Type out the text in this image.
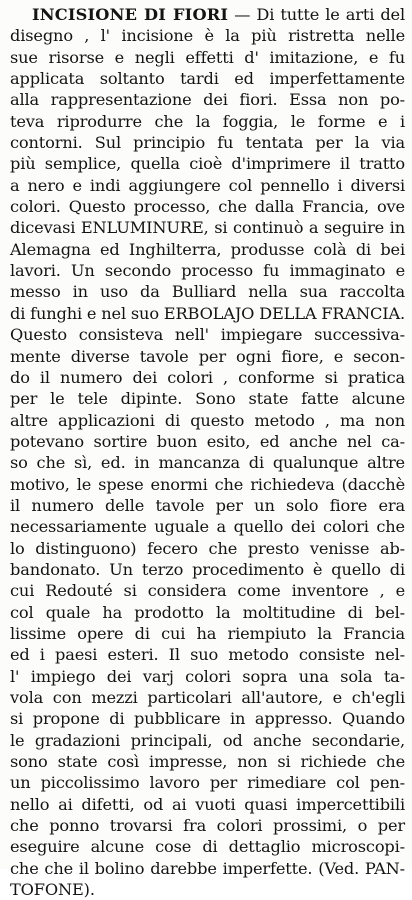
INCISIONE DI FIORI — Di tutte le arti del
disegno , l' incisione è la più ristretta nelle
sue risorse e negli effetti d' imitazione, e fu
applicata soltanto tardi ed imperfettamente
alla rappresentazione dei fiori. Essa non po-
teva riprodurre che la foggia, le forme e i
contorni. Sul principio fu tentata per la via
più semplice, quella cioè d'imprimere il tratto
a nero e indi aggiungere col pennello i diversi
colori. Questo processo, che dalla Francia, ove
dicevasi ENLUMINURE, si continuò a seguire in
Alemagna ed Inghilterra, produsse colà di bei
lavori. Un secondo processo fu immaginato e
messo in uso da Bulliard nella sua raccolta
di funghi e nel suo ERBOLAJO DELLA FRANCIA.
Questo consisteva nell' impiegare successiva-
mente diverse tavole per ogni fiore, e secon-
do il numero dei colori , conforme si pratica
per le tele dipinte. Sono state fatte alcune
altre applicazioni di questo metodo , ma non
potevano sortire buon esito, ed anche nel ca-
so che sì, ed. in mancanza di qualunque altre
motivo, le spese enormi che richiedeva (dacchè
il numero delle tavole per un solo fiore era
necessariamente uguale a quello dei colori che
lo distinguono) fecero che presto venisse ab-
bandonato. Un terzo procedimento è quello di
cui Redouté si considera come inventore , e
col quale ha prodotto la moltitudine di bel-
lissime opere di cui ha riempiuto la Francia
ed i paesi esteri. Il suo metodo consiste nel-
l' impiego dei varj colori sopra una sola ta-
vola con mezzi particolari all'autore, e ch'egli
si propone di pubblicare in appresso. Quando
le gradazioni principali, od anche secondarie,
sono state così impresse, non si richiede che
un piccolissimo lavoro per rimediare col pen-
nello ai difetti, od ai vuoti quasi impercettibili
che ponno trovarsi fra colori prossimi, o per
eseguire alcune cose di dettaglio microscopi-
che che il bolino darebbe imperfette. (Ved. PAN-
TOFONE).
